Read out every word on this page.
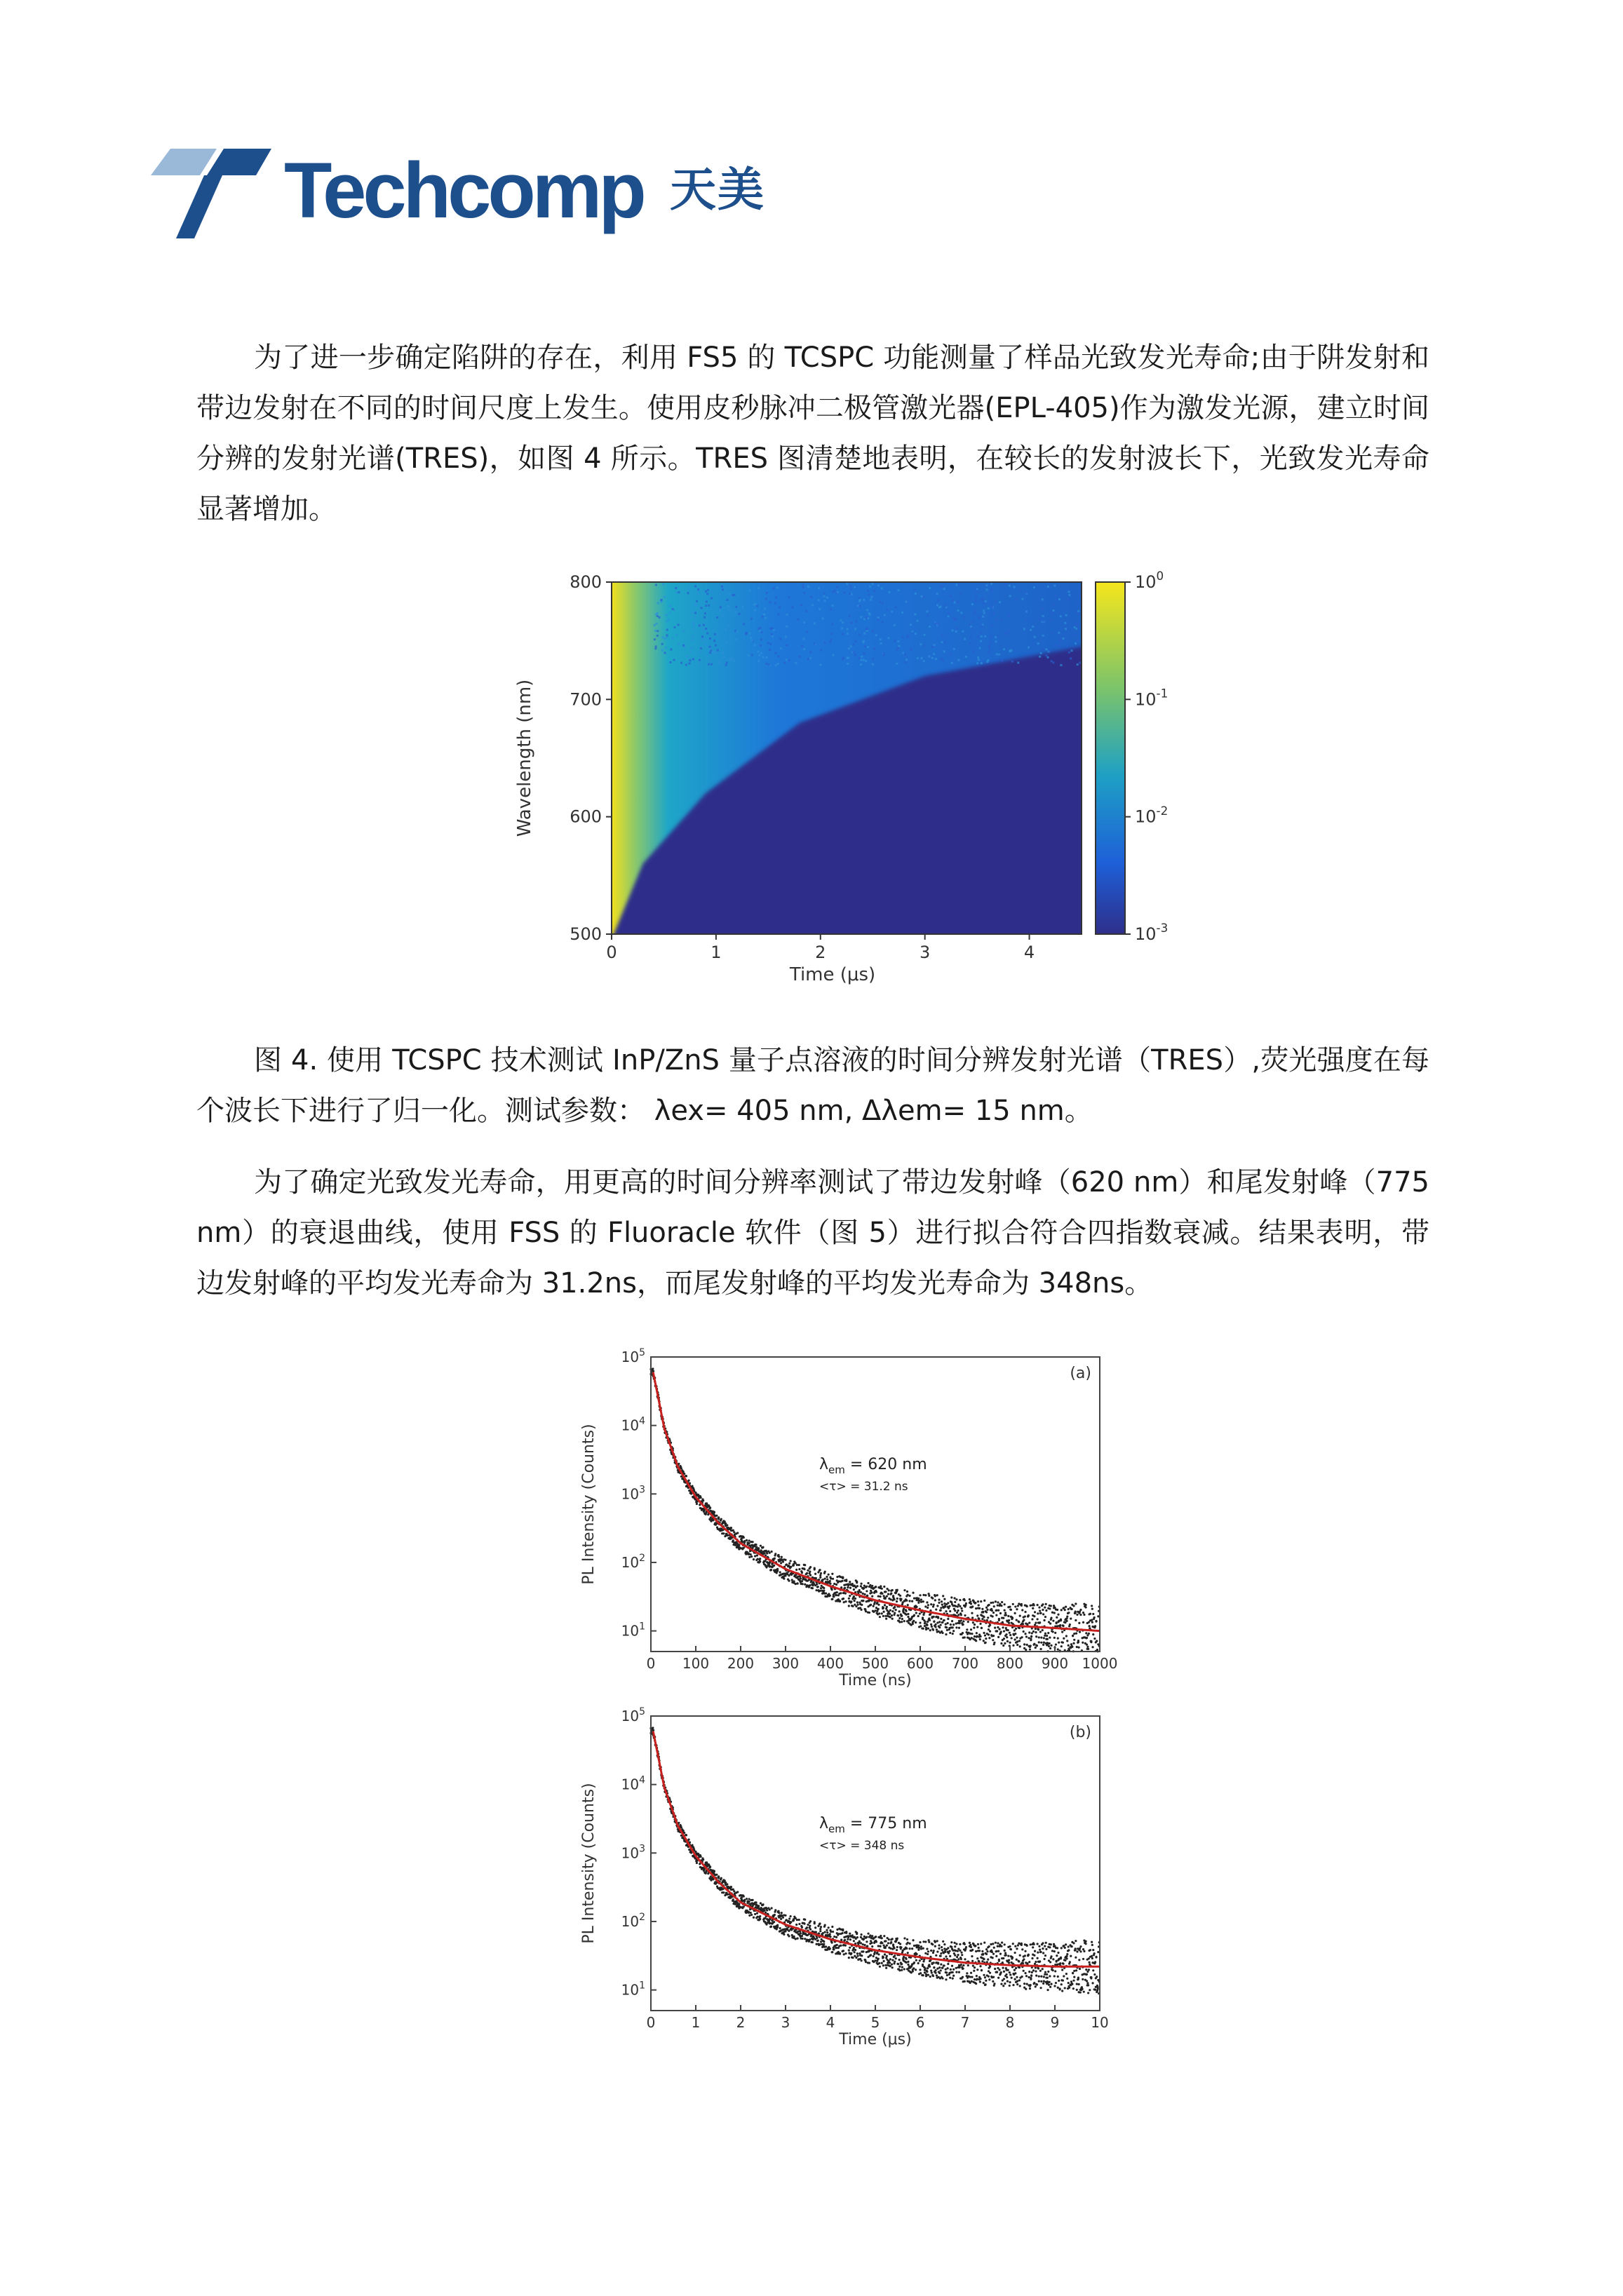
Techcomp 天美

为了进一步确定陷阱的存在，利用 FS5 的 TCSPC 功能测量了样品光致发光寿命;由于阱发射和带边发射在不同的时间尺度上发生。使用皮秒脉冲二极管激光器(EPL-405)作为激发光源，建立时间分辨的发射光谱(TRES)，如图 4 所示。TRES 图清楚地表明，在较长的发射波长下，光致发光寿命显著增加。

0	1	2	3	4
500
600
700
800
Time (μs)
Wavelength (nm)
$10^0$
$10^{-1}$
$10^{-2}$
$10^{-3}$

图 4. 使用 TCSPC 技术测试 InP/ZnS 量子点溶液的时间分辨发射光谱（TRES）,荧光强度在每个波长下进行了归一化。测试参数： λex= 405 nm, Δλem= 15 nm。

为了确定光致发光寿命，用更高的时间分辨率测试了带边发射峰（620 nm）和尾发射峰（775 nm）的衰退曲线，使用 FSS 的 Fluoracle 软件（图 5）进行拟合符合四指数衰减。结果表明，带边发射峰的平均发光寿命为 31.2ns，而尾发射峰的平均发光寿命为 348ns。

0 100 200 300 400 500 600 700 800 900 1000
$10^1$
$10^2$
$10^3$
$10^4$
$10^5$
Time (ns)
PL Intensity (Counts)
(a)
$\lambda_{em} = 620$ nm
<τ> = 31.2 ns
0	1	2	3	4	5	6	7	8	9 10
$10^1$
$10^2$
$10^3$
$10^4$
$10^5$
Time (μs)
PL Intensity (Counts)
(b)
$\lambda_{em} = 775$ nm
<τ> = 348 ns
